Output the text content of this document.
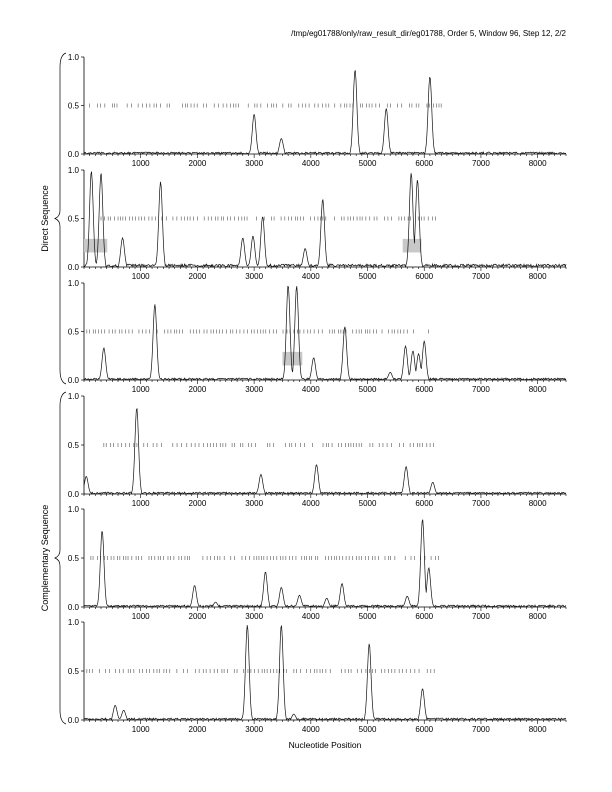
/tmp/eg01788/only/raw_result_dir/eg01788, Order 5, Window 96, Step 12, 2/2
0.0
0.5
1.0
1000	2000	3000	4000	5000	6000	7000	8000
0.0
0.5
1.0
1000	2000	3000	4000	5000	6000	7000	8000
0.0
0.5
1.0
1000	2000	3000	4000	5000	6000	7000	8000
0.0
0.5
1.0
1000	2000	3000	4000	5000	6000	7000	8000
0.0
0.5
1.0
1000	2000	3000	4000	5000	6000	7000	8000
0.0
0.5
1.0
1000	2000	3000	4000	5000	6000	7000	8000
Direct Sequence
Complementary Sequence
Nucleotide Position
